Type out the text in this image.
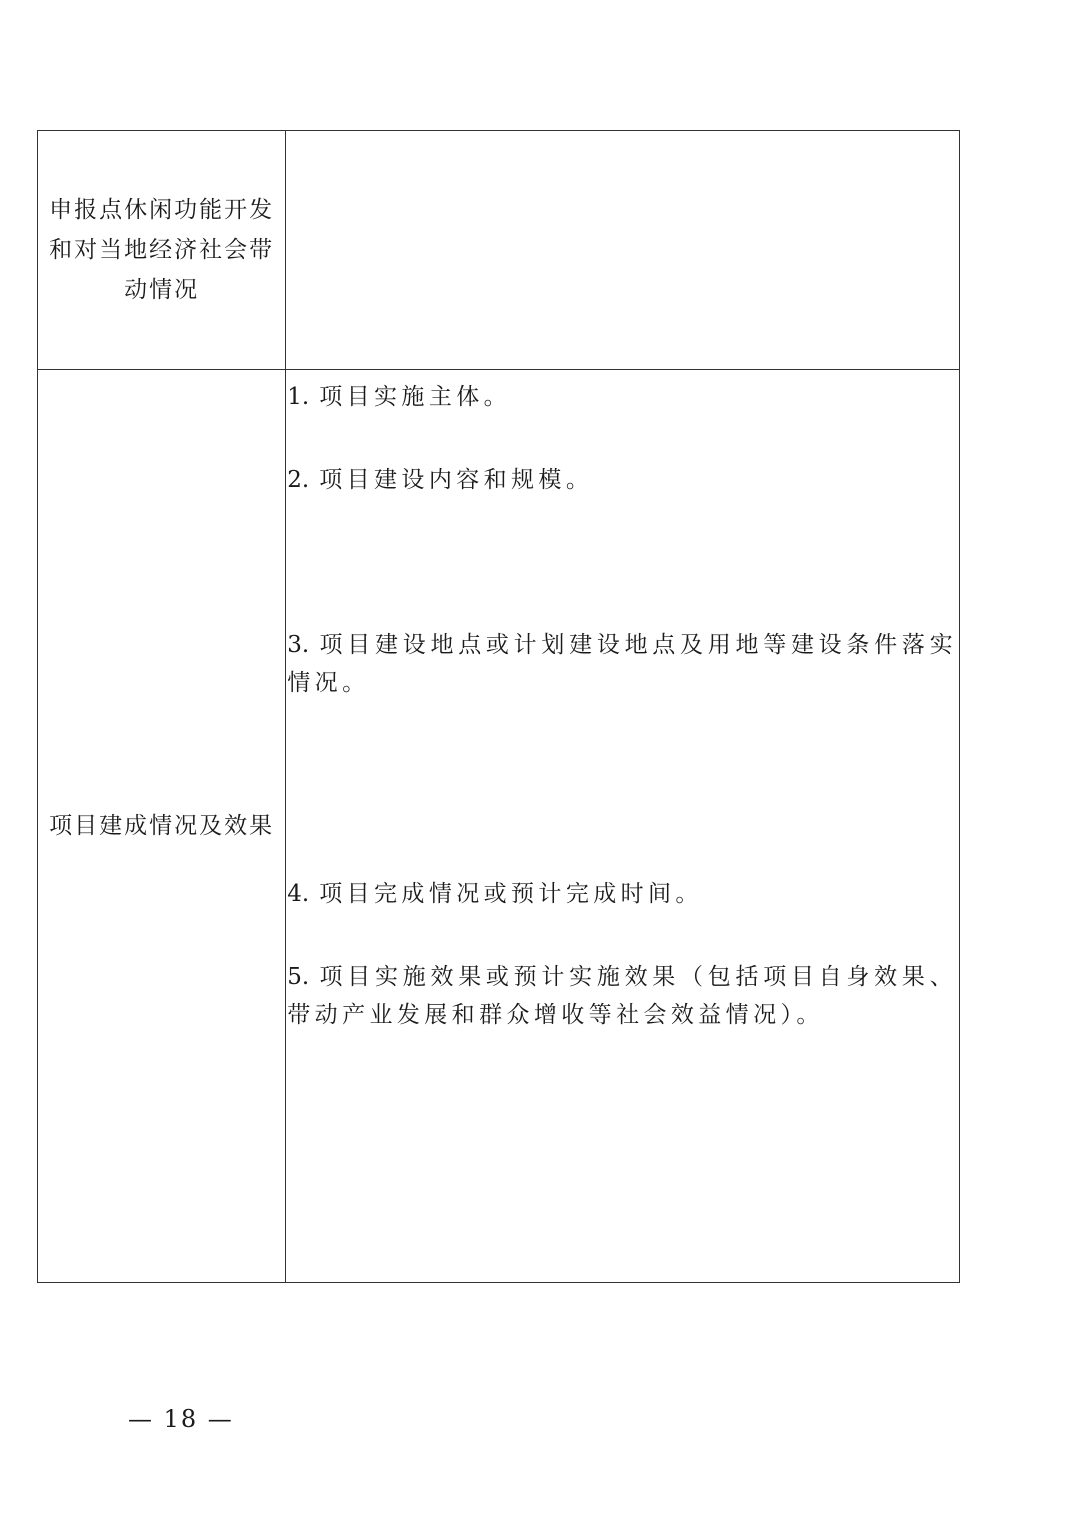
申报点休闲功能开发和对当地经济社会带动情况	

项目建成情况及效果	1. 项目实施主体。
2. 项目建设内容和规模。
3. 项目建设地点或计划建设地点及用地等建设条件落实情况。
4. 项目完成情况或预计完成时间。
5. 项目实施效果或预计实施效果（包括项目自身效果、带动产业发展和群众增收等社会效益情况）。
— 18 —
